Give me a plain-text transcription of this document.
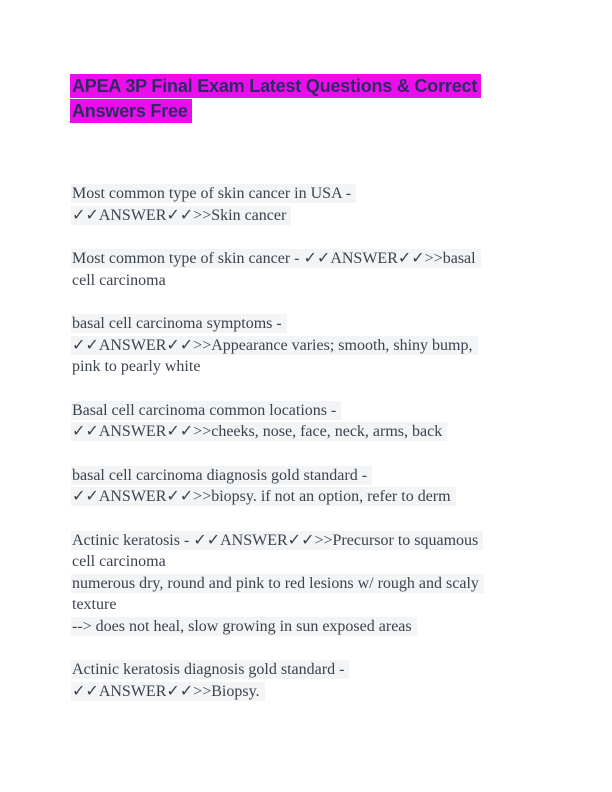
APEA 3P Final Exam Latest Questions & Correct
Answers Free
Most common type of skin cancer in USA -
✓✓ANSWER✓✓>>Skin cancer
Most common type of skin cancer - ✓✓ANSWER✓✓>>basal
cell carcinoma
basal cell carcinoma symptoms -
✓✓ANSWER✓✓>>Appearance varies; smooth, shiny bump,
pink to pearly white
Basal cell carcinoma common locations -
✓✓ANSWER✓✓>>cheeks, nose, face, neck, arms, back
basal cell carcinoma diagnosis gold standard -
✓✓ANSWER✓✓>>biopsy. if not an option, refer to derm
Actinic keratosis - ✓✓ANSWER✓✓>>Precursor to squamous
cell carcinoma
numerous dry, round and pink to red lesions w/ rough and scaly
texture
--> does not heal, slow growing in sun exposed areas
Actinic keratosis diagnosis gold standard -
✓✓ANSWER✓✓>>Biopsy.
